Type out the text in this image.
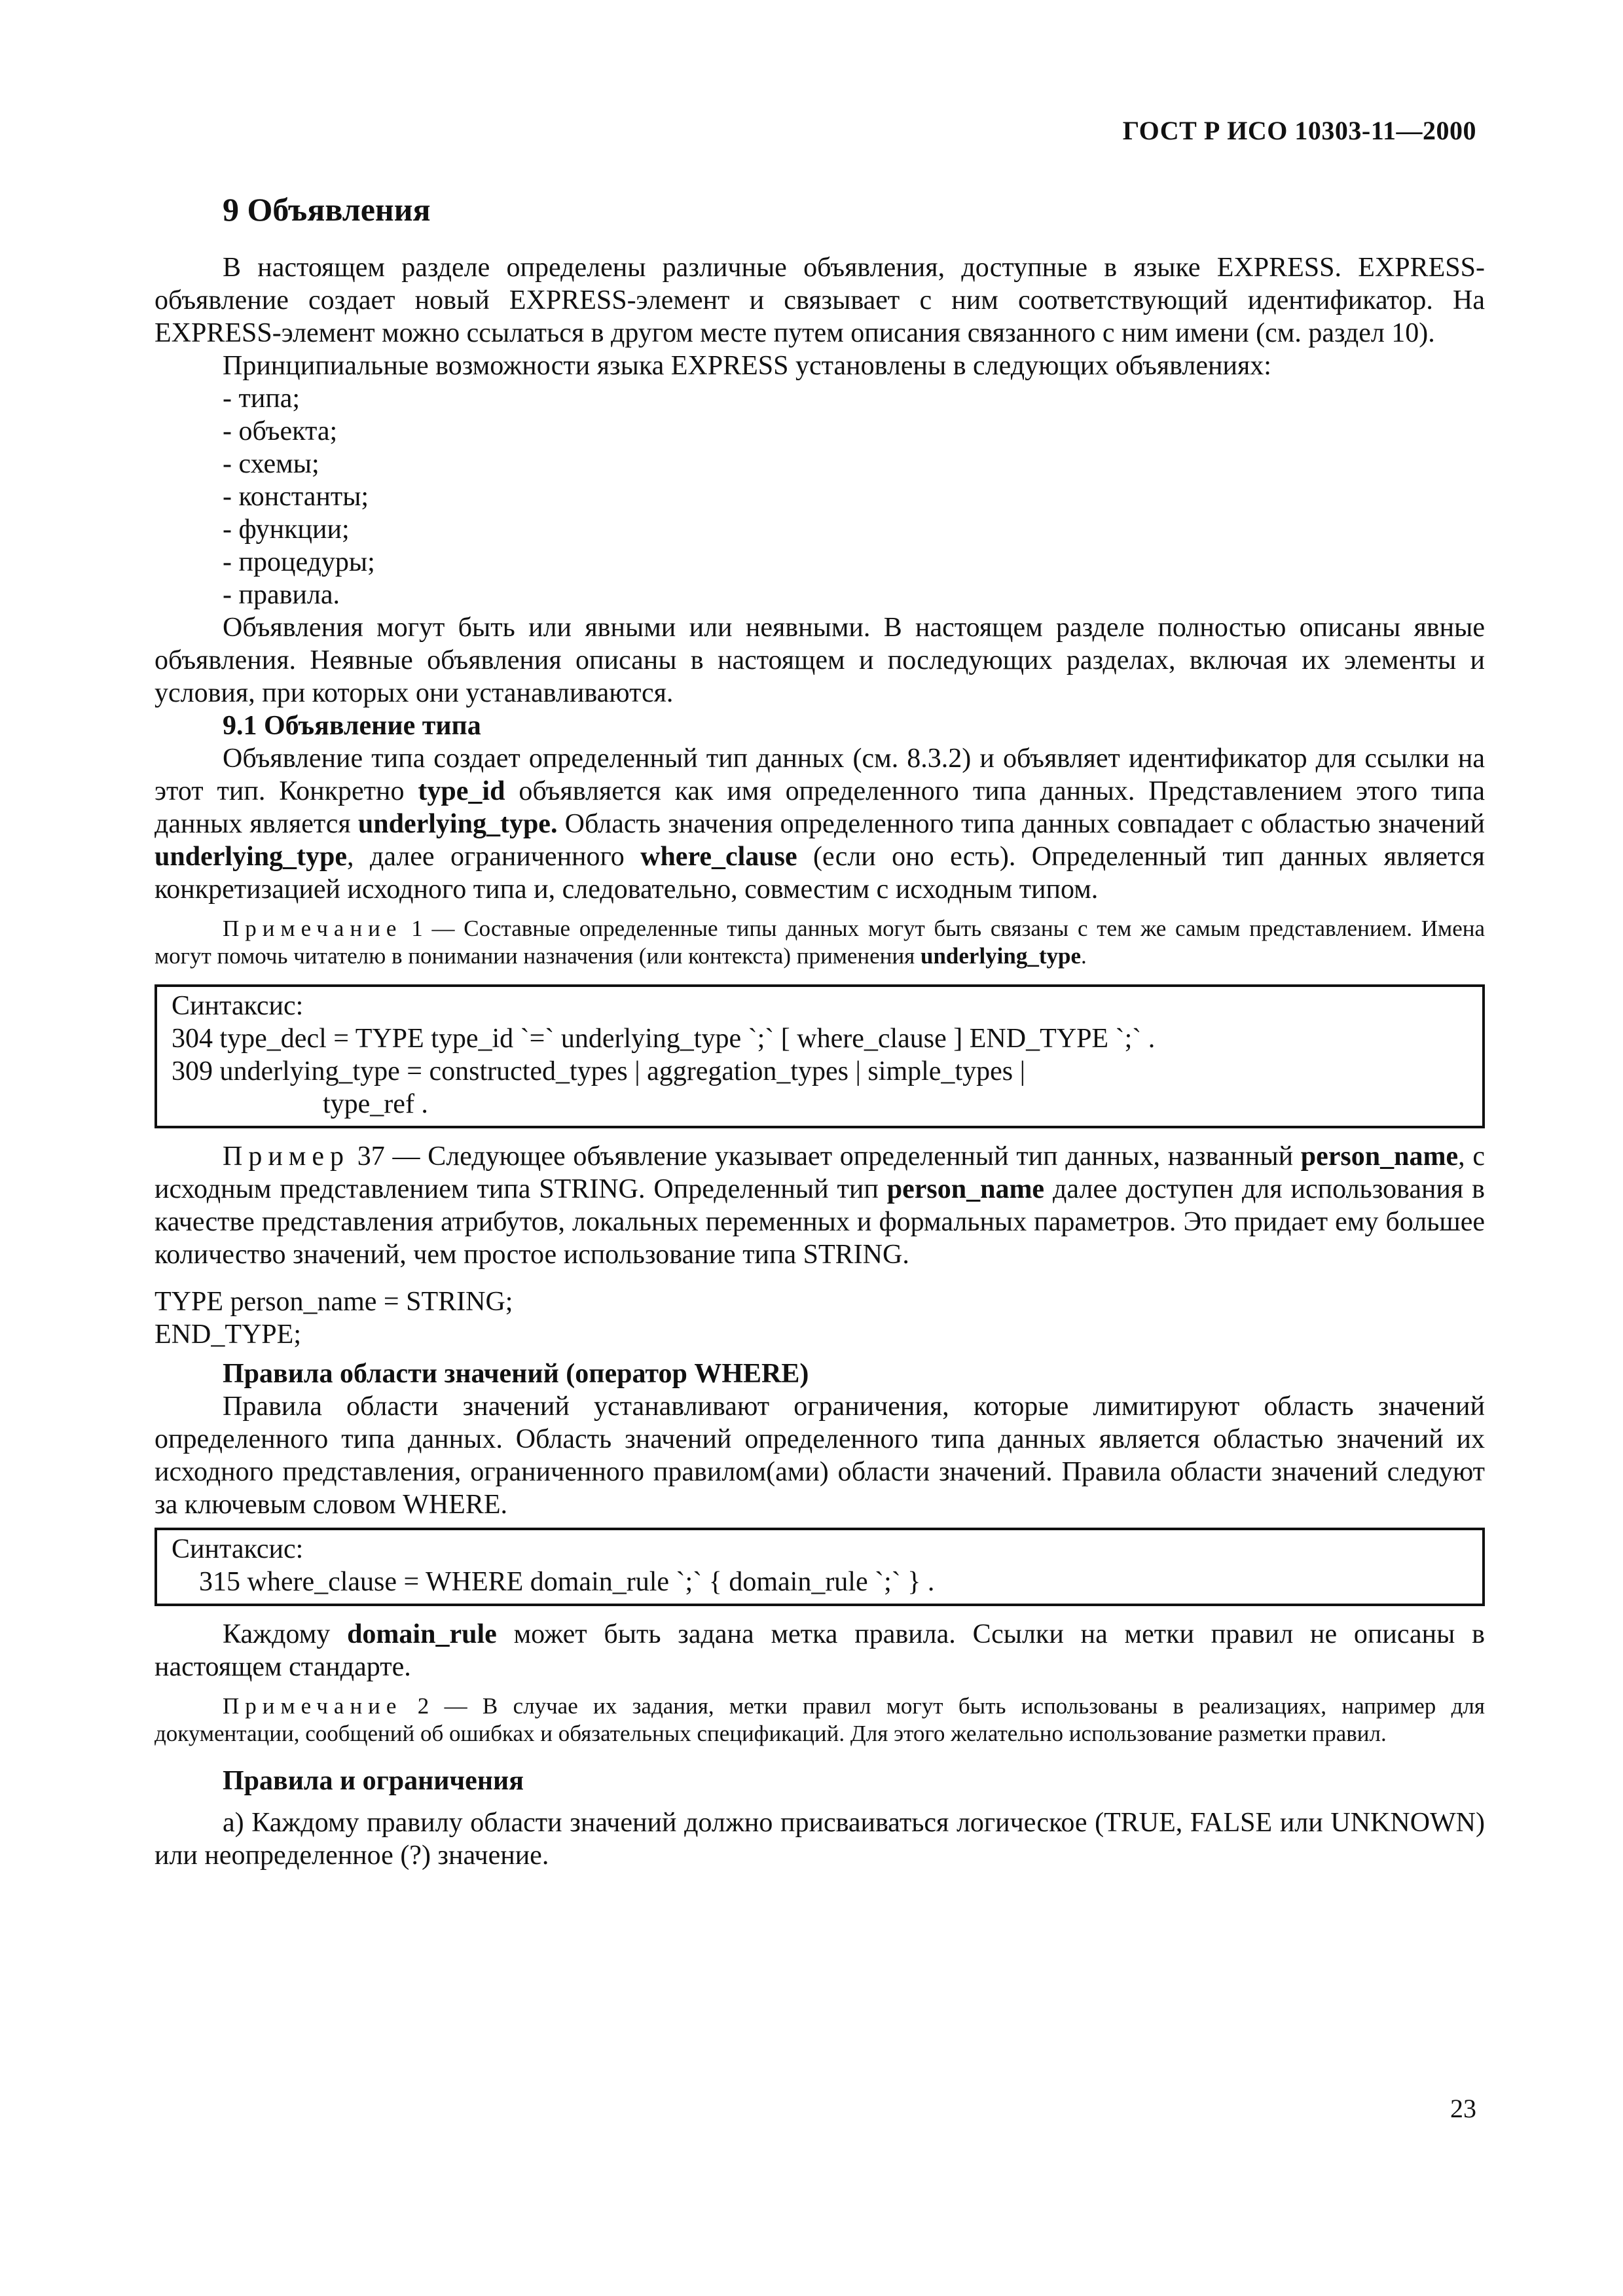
ГОСТ Р ИСО 10303-11—2000
9 Объявления

В настоящем разделе определены различные объявления, доступные в языке EXPRESS. EXPRESS-объявление создает новый EXPRESS-элемент и связывает с ним соответствующий идентификатор. На EXPRESS-элемент можно ссылаться в другом месте путем описания связанного с ним имени (см. раздел 10).

Принципиальные возможности языка EXPRESS установлены в следующих объявлениях:

- типа;
- объекта;
- схемы;
- константы;
- функции;
- процедуры;
- правила.

Объявления могут быть или явными или неявными. В настоящем разделе полностью описаны явные объявления. Неявные объявления описаны в настоящем и последующих разделах, включая их элементы и условия, при которых они устанавливаются.

9.1 Объявление типа

Объявление типа создает определенный тип данных (см. 8.3.2) и объявляет идентификатор для ссылки на этот тип. Конкретно type_id объявляется как имя определенного типа данных. Представлением этого типа данных является underlying_type. Область значения определенного типа данных совпадает с областью значений underlying_type, далее ограниченного where_clause (если оно есть). Определенный тип данных является конкретизацией исходного типа и, следовательно, совместим с исходным типом.

Примечание 1 — Составные определенные типы данных могут быть связаны с тем же самым представлением. Имена могут помочь читателю в понимании назначения (или контекста) применения underlying_type.

Синтаксис:
304 type_decl = TYPE type_id `=` underlying_type `;` [ where_clause ] END_TYPE `;` .
309 underlying_type = constructed_types | aggregation_types | simple_types |
type_ref .

Пример 37 — Следующее объявление указывает определенный тип данных, названный person_name, с исходным представлением типа STRING. Определенный тип person_name далее доступен для использования в качестве представления атрибутов, локальных переменных и формальных параметров. Это придает ему большее количество значений, чем простое использование типа STRING.

TYPE person_name = STRING;
END_TYPE;
Правила области значений (оператор WHERE)

Правила области значений устанавливают ограничения, которые лимитируют область значений определенного типа данных. Область значений определенного типа данных является областью значений их исходного представления, ограниченного правилом(ами) области значений. Правила области значений следуют за ключевым словом WHERE.

Синтаксис:
315 where_clause = WHERE domain_rule `;` { domain_rule `;` } .

Каждому domain_rule может быть задана метка правила. Ссылки на метки правил не описаны в настоящем стандарте.

Примечание 2 — В случае их задания, метки правил могут быть использованы в реализациях, например для документации, сообщений об ошибках и обязательных спецификаций. Для этого желательно использование разметки правил.

Правила и ограничения

a) Каждому правилу области значений должно присваиваться логическое (TRUE, FALSE или UNKNOWN) или неопределенное (?) значение.

23
